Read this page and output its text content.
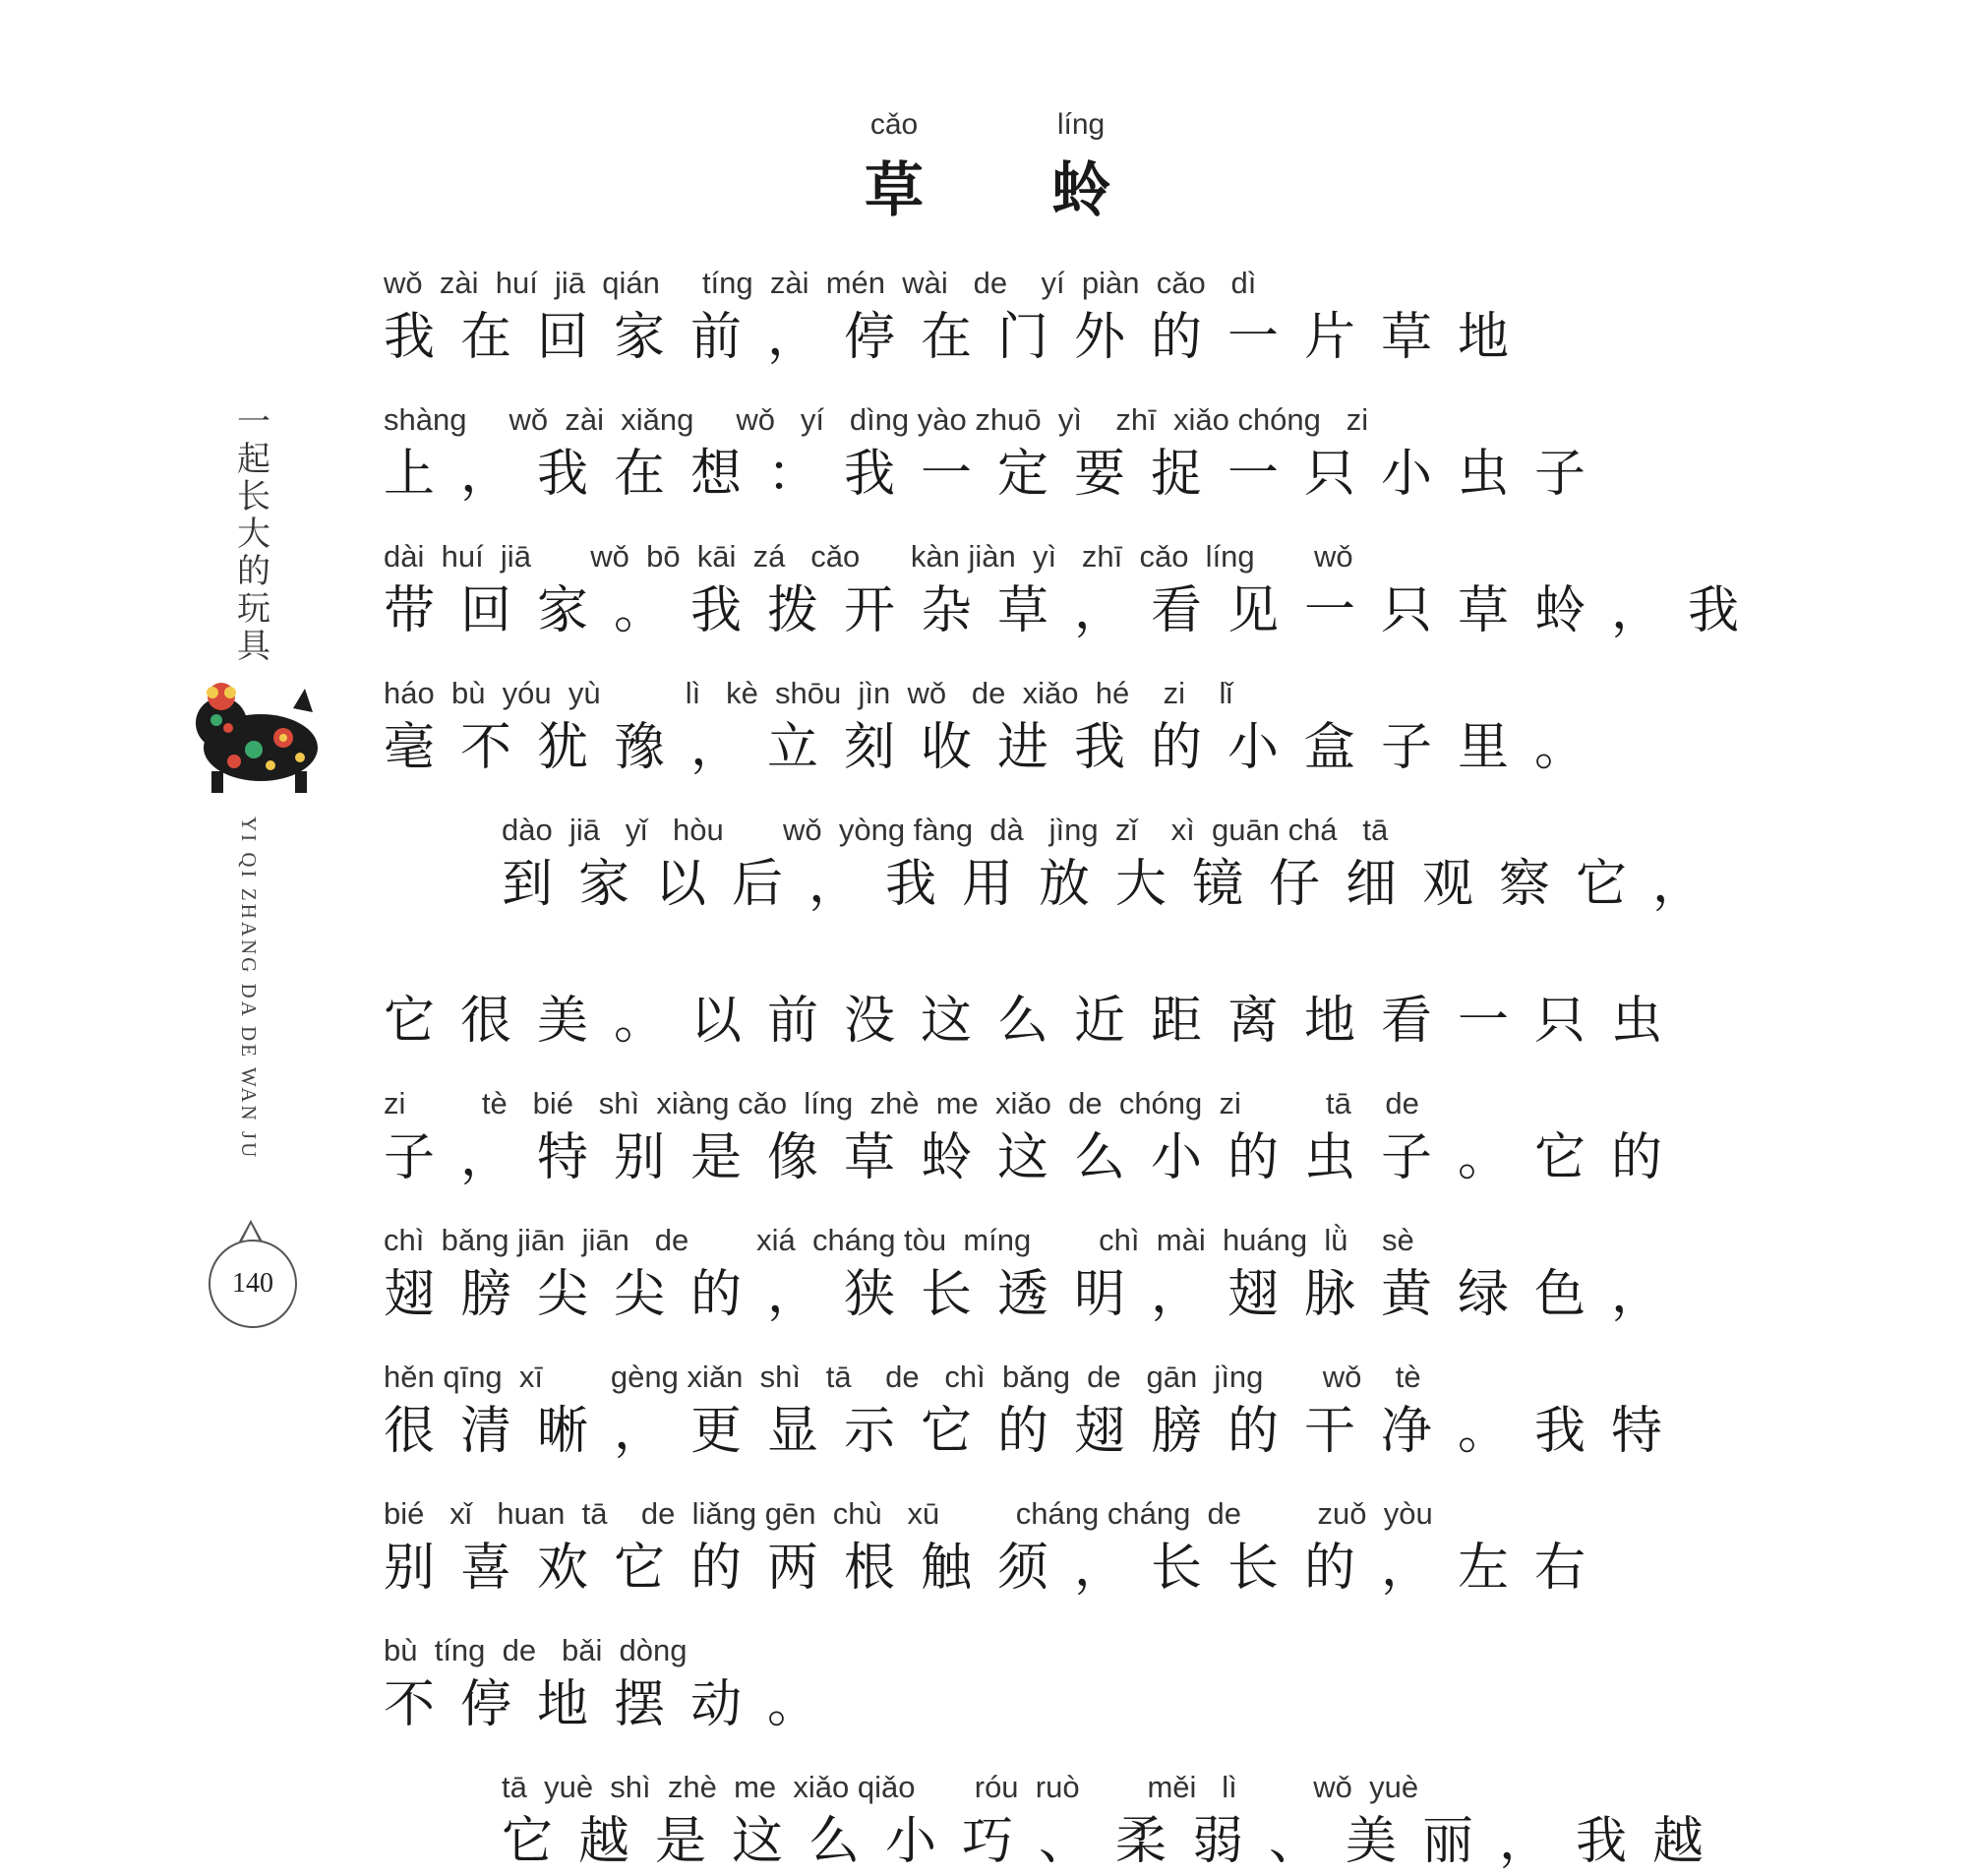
cǎo	líng
草 蛉
一起长大的玩具
YI QI ZHANG DA DE WAN JU
140
wǒ  zài  huí  jiā  qián     tíng  zài  mén  wài   de    yí  piàn  cǎo   dì
我在回家前，停在门外的一片草地
shàng     wǒ  zài  xiǎng     wǒ   yí   dìng yào zhuō  yì    zhī  xiǎo chóng   zi
上，我在想：我一定要捉一只小虫子
dài  huí  jiā       wǒ  bō  kāi  zá   cǎo      kàn jiàn  yì   zhī  cǎo  líng       wǒ
带回家。我拨开杂草，看见一只草蛉，我
háo  bù  yóu  yù          lì   kè  shōu  jìn  wǒ   de  xiǎo  hé    zi    lǐ
毫不犹豫，立刻收进我的小盒子里。
dào  jiā   yǐ   hòu       wǒ  yòng fàng  dà   jìng  zǐ    xì  guān chá   tā
到家以后，我用放大镜仔细观察它，
它很美。以前没这么近距离地看一只虫
zi         tè   bié   shì  xiàng cǎo  líng  zhè  me  xiǎo  de  chóng  zi          tā    de
子，特别是像草蛉这么小的虫子。它的
chì  bǎng jiān  jiān   de        xiá  cháng tòu  míng        chì  mài  huáng  lǜ    sè
翅膀尖尖的，狭长透明，翅脉黄绿色，
hěn qīng  xī        gèng xiǎn  shì   tā    de   chì  bǎng  de   gān  jìng       wǒ    tè
很清晰，更显示它的翅膀的干净。我特
bié   xǐ   huan  tā    de  liǎng gēn  chù   xū         cháng cháng  de         zuǒ  yòu
别喜欢它的两根触须，长长的，左右
bù  tíng  de   bǎi  dòng
不停地摆动。
tā  yuè  shì  zhè  me  xiǎo qiǎo       róu  ruò        měi   lì         wǒ  yuè
它越是这么小巧、柔弱、美丽，我越
